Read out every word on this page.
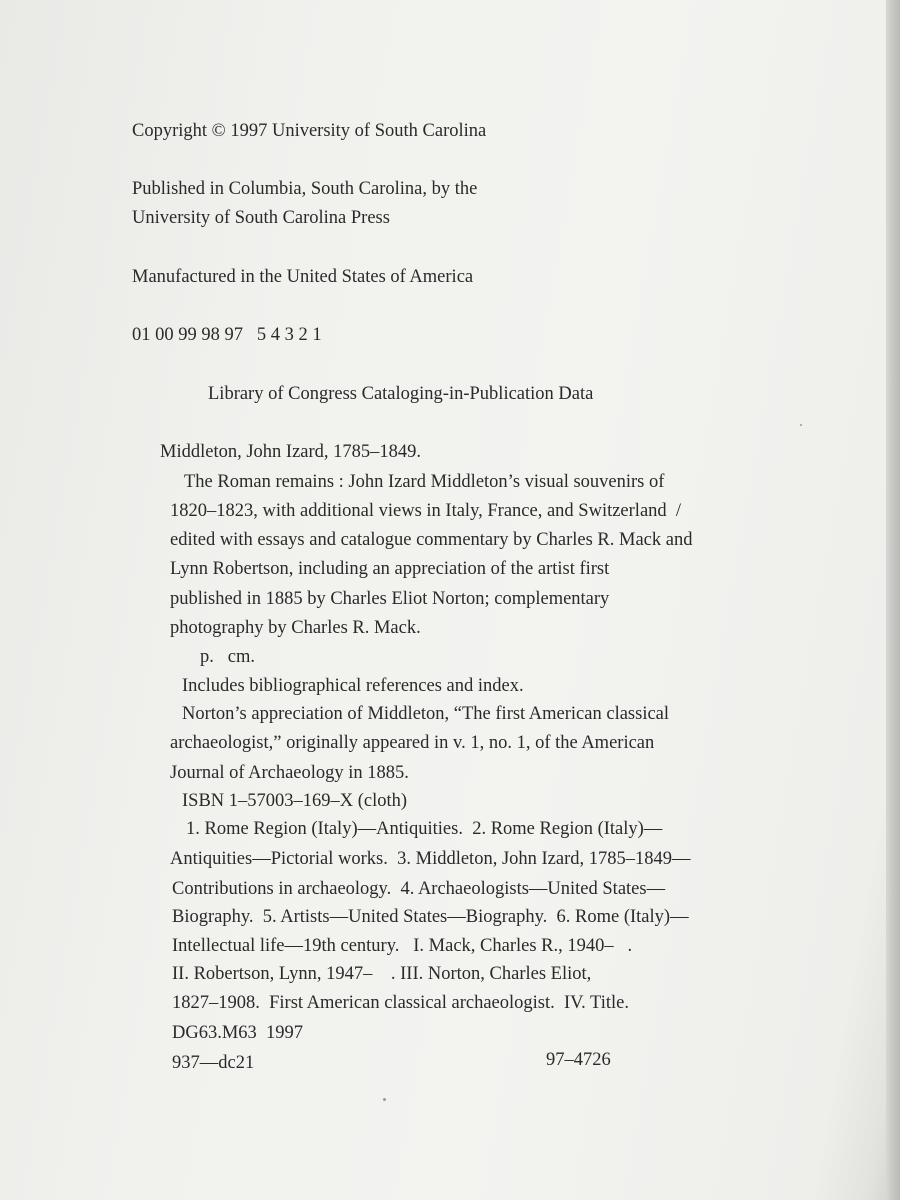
Copyright © 1997 University of South Carolina

Published in Columbia, South Carolina, by the

University of South Carolina Press

Manufactured in the United States of America

01 00 99 98 97   5 4 3 2 1

Library of Congress Cataloging-in-Publication Data

Middleton, John Izard, 1785–1849.

The Roman remains : John Izard Middleton’s visual souvenirs of

1820–1823, with additional views in Italy, France, and Switzerland  /

edited with essays and catalogue commentary by Charles R. Mack and

Lynn Robertson, including an appreciation of the artist first

published in 1885 by Charles Eliot Norton; complementary

photography by Charles R. Mack.

p.   cm.

Includes bibliographical references and index.

Norton’s appreciation of Middleton, “The first American classical

archaeologist,” originally appeared in v. 1, no. 1, of the American

Journal of Archaeology in 1885.

ISBN 1–57003–169–X (cloth)

1. Rome Region (Italy)—Antiquities.  2. Rome Region (Italy)—

Antiquities—Pictorial works.  3. Middleton, John Izard, 1785–1849—

Contributions in archaeology.  4. Archaeologists—United States—

Biography.  5. Artists—United States—Biography.  6. Rome (Italy)—

Intellectual life—19th century.   I. Mack, Charles R., 1940–   .

II. Robertson, Lynn, 1947–    . III. Norton, Charles Eliot,

1827–1908.  First American classical archaeologist.  IV. Title.

DG63.M63  1997

937—dc21	97–4726
